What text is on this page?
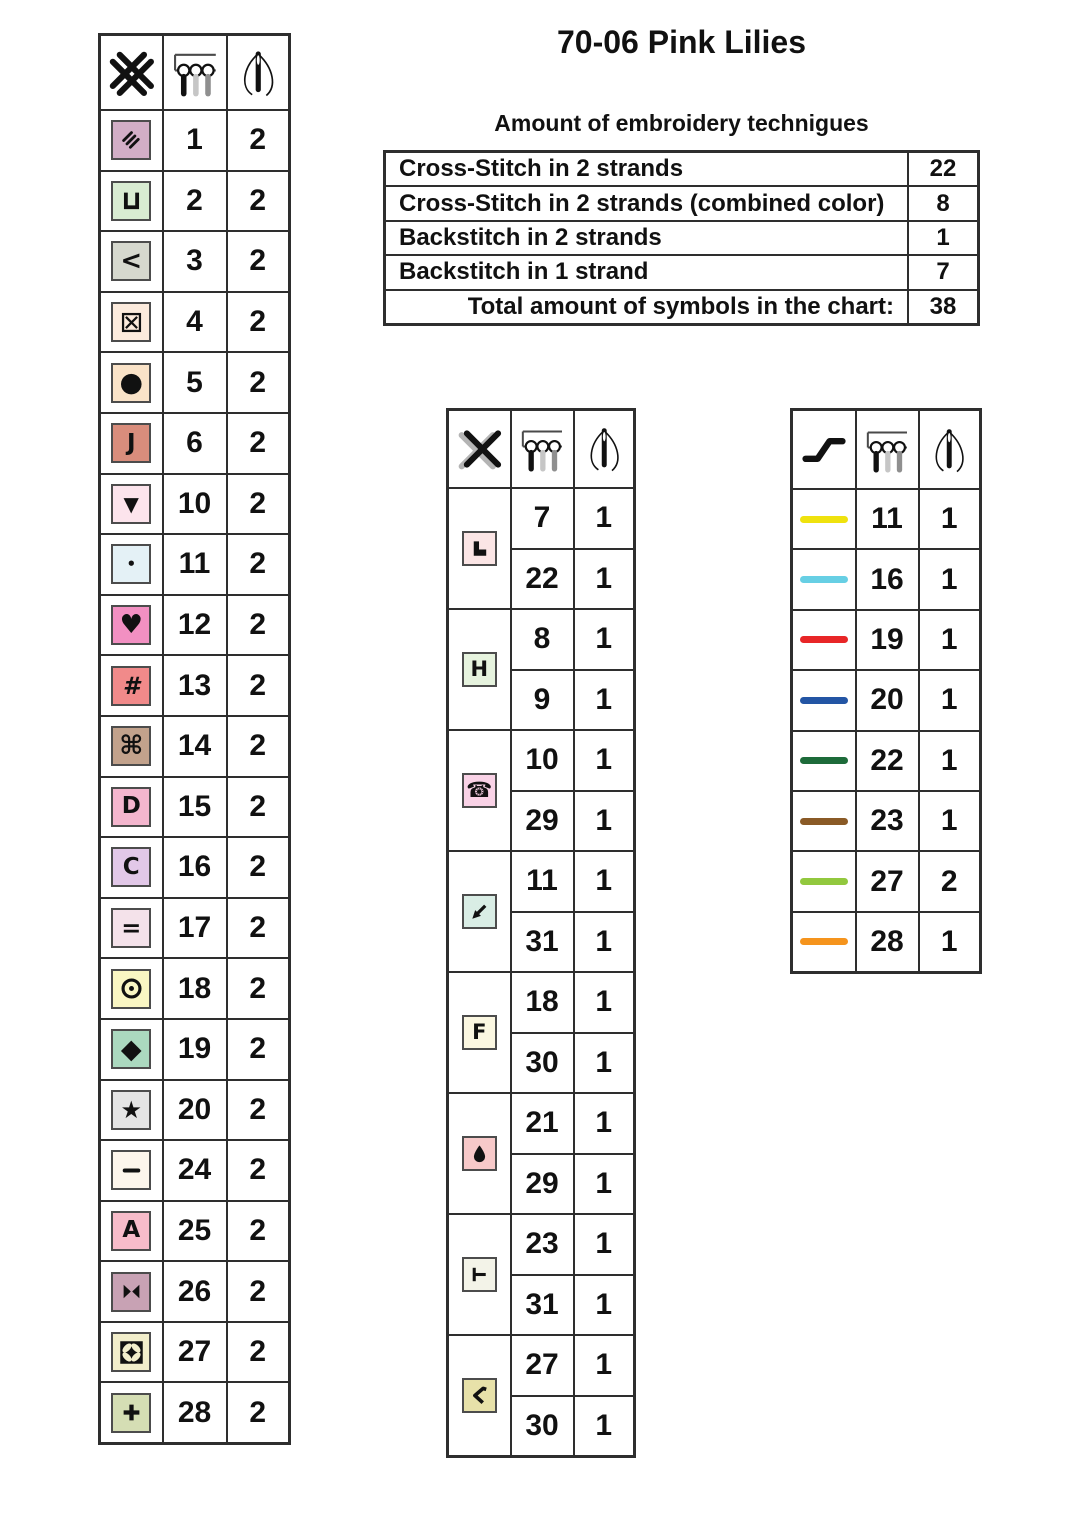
70-06 Pink Lilies
Amount of embroidery technigues
Cross-Stitch in 2 strands	22
Cross-Stitch in 2 strands (combined color)	8
Backstitch in 2 strands	1
Backstitch in 1 strand	7
Total amount of symbols in the chart:	38

	1	2

	2	2

<	3	2

	4	2

●	5	2

J	6	2

▼	10	2

•	11	2

♥	12	2

#	13	2

⌘	14	2

D	15	2

C	16	2

=	17	2

	18	2

◆	19	2

★	20	2

	24	2

A	25	2

	26	2

	27	2

	28	2

	7	1
	22	1

H	8	1
	9	1

☎	10	1
	29	1

	11	1
	31	1

F	18	1
	30	1

	21	1
	29	1

	23	1
	31	1

	27	1
	30	1

	11	1

	16	1

	19	1

	20	1

	22	1

	23	1

	27	2

	28	1
